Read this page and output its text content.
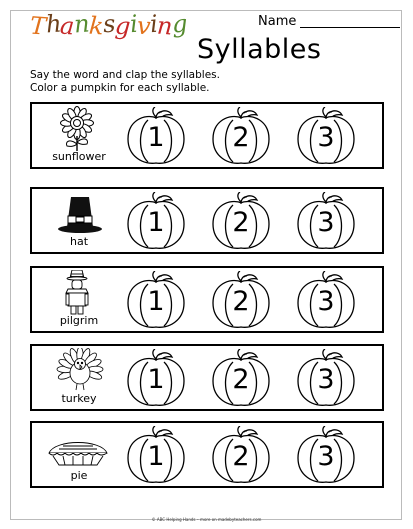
Thanksgiving
Syllables
Name
Say the word and clap the syllables.
Color a pumpkin for each syllable.
sunflower
1	2	3
hat
1	2	3
pilgrim
1	2	3
turkey
1	2	3
pie
1	2	3
© ABC Helping Hands – more on madebyteachers.com
